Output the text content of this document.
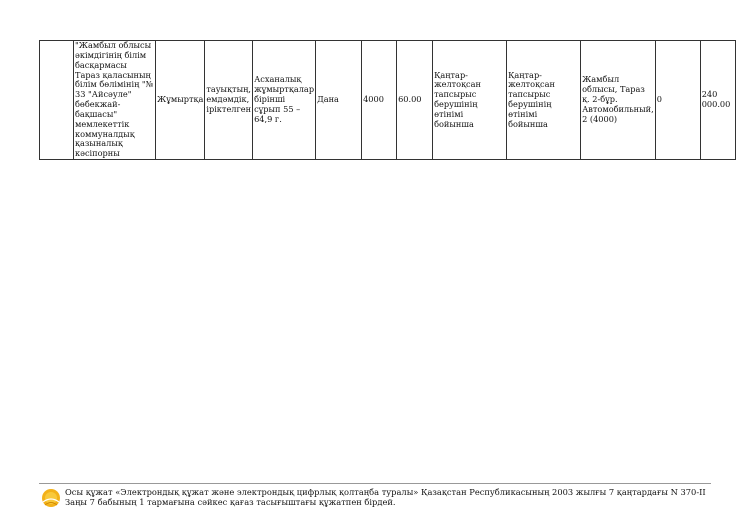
	"Жамбыл облысы әкімдігінің білім басқармасы Тараз қаласының білім бөлімінің "№ 33 "Айсәуле" бөбекжай-бақшасы" мемлекеттік коммуналдық қазыналық кәсіпорны	Жұмыртқа	тауықтың, емдәмдік, іріктелген	Асханалық жұмыртқалар бірінші сұрып 55 – 64,9 г.	Дана	4000	60.00	Қаңтар-желтоқсан тапсырыс берушінің өтінімі бойынша	Қаңтар-желтоқсан тапсырыс берушінің өтінімі бойынша	Жамбыл облысы, Тараз қ. 2-бұр. Автомобильный, 2 (4000)	0	240 000.00
Осы құжат «Электрондық құжат және электрондық цифрлық қолтаңба туралы» Қазақстан Республикасының 2003 жылғы 7 қаңтардағы N 370-II Заңы 7 бабының 1 тармағына сәйкес қағаз тасығыштағы құжатпен бірдей.
